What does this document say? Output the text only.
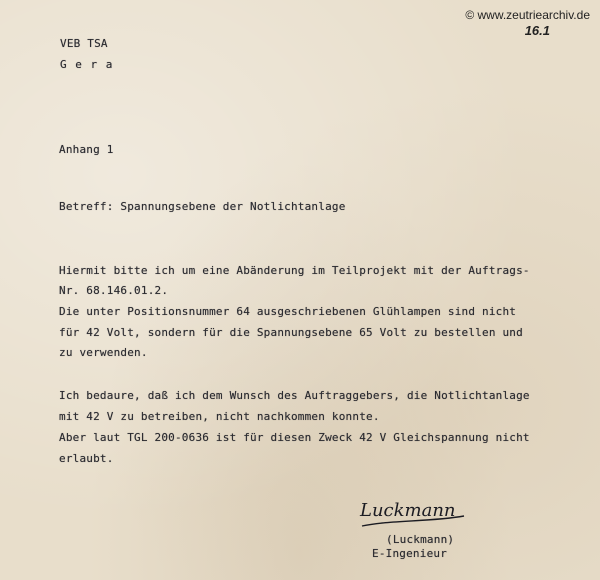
© www.zeutriearchiv.de
16.1
VEB TSA
G e r a
Anhang 1
Betreff: Spannungsebene der Notlichtanlage
Hiermit bitte ich um eine Abänderung im Teilprojekt mit der Auftrags-
Nr. 68.146.01.2.
Die unter Positionsnummer 64 ausgeschriebenen Glühlampen sind nicht
für 42 Volt, sondern für die Spannungsebene 65 Volt zu bestellen und
zu verwenden.
Ich bedaure, daß ich dem Wunsch des Auftraggebers, die Notlichtanlage
mit 42 V zu betreiben, nicht nachkommen konnte.
Aber laut TGL 200-0636 ist für diesen Zweck 42 V Gleichspannung nicht
erlaubt.
Luckmann
(Luckmann)
E-Ingenieur
